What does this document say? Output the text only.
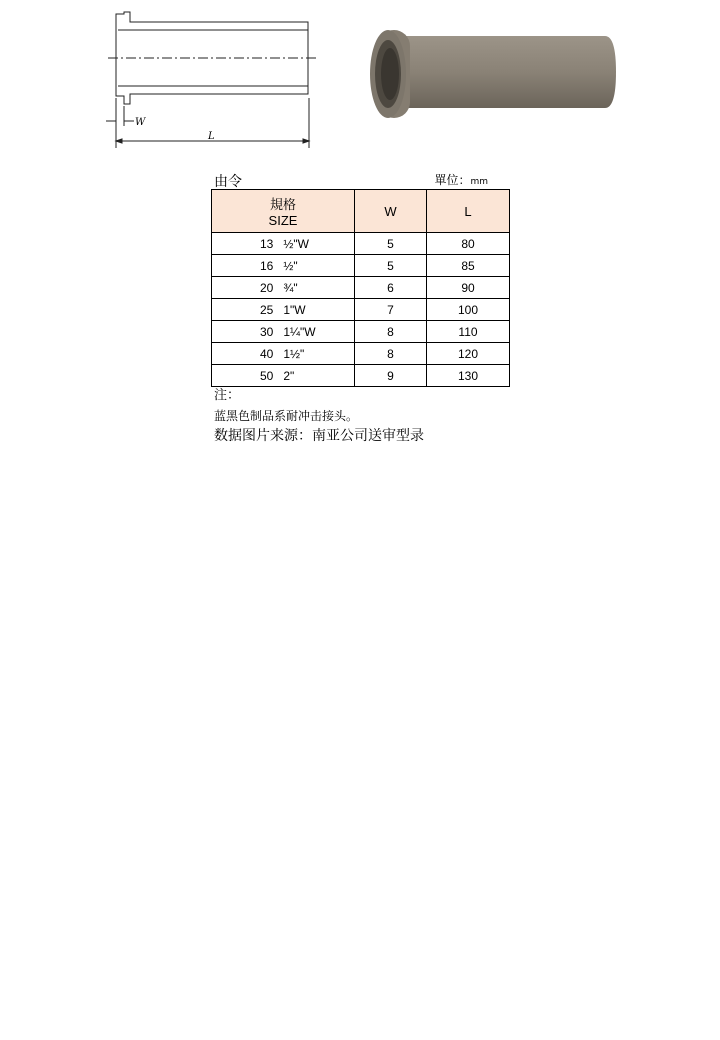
W
L
由令	單位：mm
規格
SIZE	W	L
13   ½"W	5	80
16   ½"	5	85
20   ¾"	6	90
25   1"W	7	100
30   1¼"W	8	110
40   1½"	8	120
50   2"	9	130
注：
蓝黑色制品系耐冲击接头。
数据图片来源：南亚公司送审型录
